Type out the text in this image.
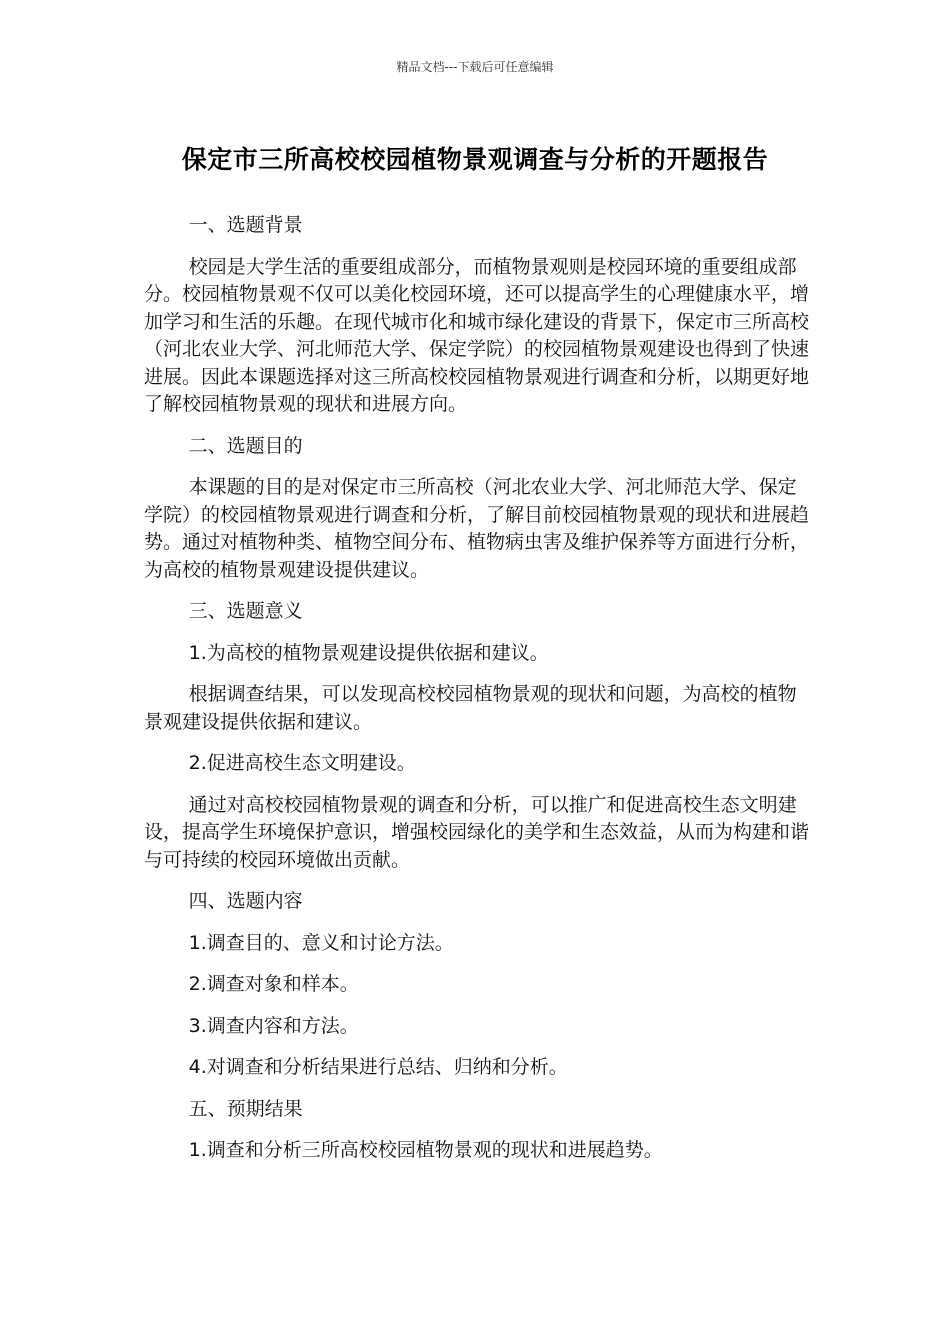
精品文档---下载后可任意编辑
保定市三所高校校园植物景观调查与分析的开题报告

一、选题背景

校园是大学生活的重要组成部分，而植物景观则是校园环境的重要组成部分。校园植物景观不仅可以美化校园环境，还可以提高学生的心理健康水平，增加学习和生活的乐趣。在现代城市化和城市绿化建设的背景下，保定市三所高校（河北农业大学、河北师范大学、保定学院）的校园植物景观建设也得到了快速进展。因此本课题选择对这三所高校校园植物景观进行调查和分析，以期更好地了解校园植物景观的现状和进展方向。

二、选题目的

本课题的目的是对保定市三所高校（河北农业大学、河北师范大学、保定学院）的校园植物景观进行调查和分析，了解目前校园植物景观的现状和进展趋势。通过对植物种类、植物空间分布、植物病虫害及维护保养等方面进行分析，为高校的植物景观建设提供建议。

三、选题意义

1.为高校的植物景观建设提供依据和建议。

根据调查结果，可以发现高校校园植物景观的现状和问题，为高校的植物景观建设提供依据和建议。

2.促进高校生态文明建设。

通过对高校校园植物景观的调查和分析，可以推广和促进高校生态文明建设，提高学生环境保护意识，增强校园绿化的美学和生态效益，从而为构建和谐与可持续的校园环境做出贡献。

四、选题内容

1.调查目的、意义和讨论方法。

2.调查对象和样本。

3.调查内容和方法。

4.对调查和分析结果进行总结、归纳和分析。

五、预期结果

1.调查和分析三所高校校园植物景观的现状和进展趋势。
